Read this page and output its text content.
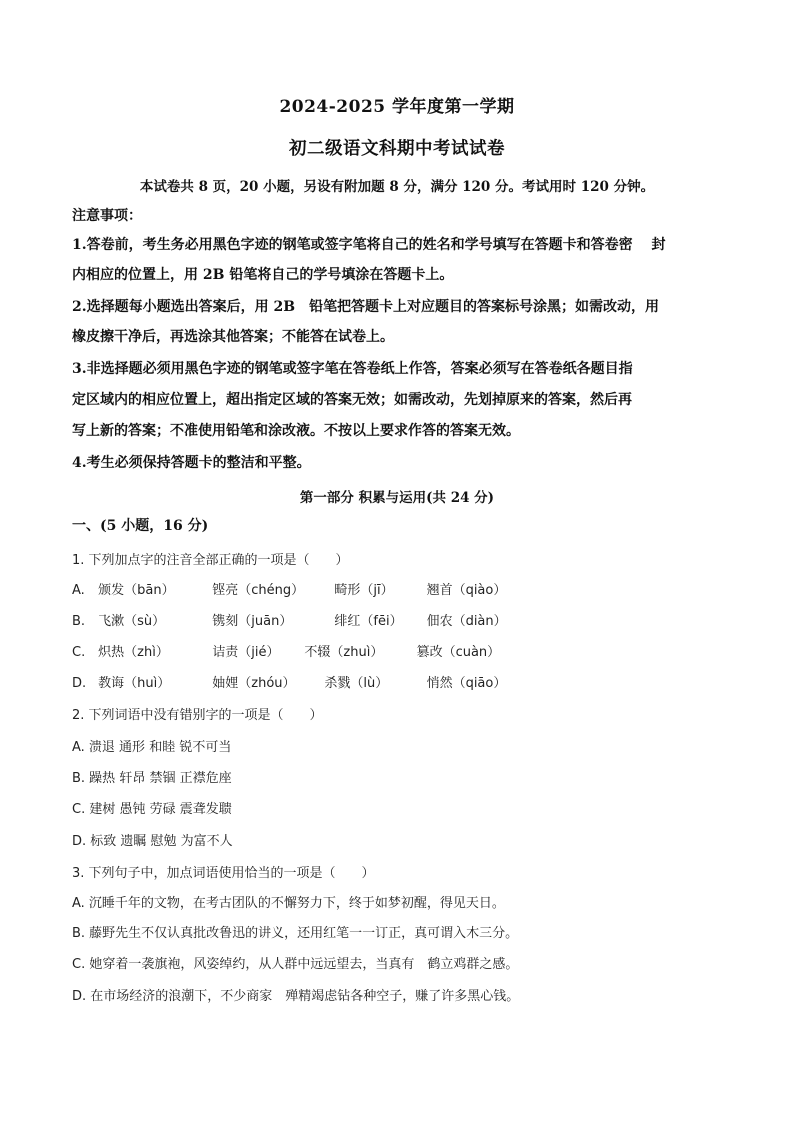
2024-2025 学年度第一学期
初二级语文科期中考试试卷
本试卷共 8 页，20 小题，另设有附加题 8 分，满分 120 分。考试用时 120 分钟。
注意事项：
1.答卷前，考生务必用黑色字迹的钢笔或签字笔将自己的姓名和学号填写在答题卡和答卷密　 封
内相应的位置上，用 2B 铅笔将自己的学号填涂在答题卡上。
2.选择题每小题选出答案后，用 2B　铅笔把答题卡上对应题目的答案标号涂黑；如需改动，用
橡皮擦干净后，再选涂其他答案；不能答在试卷上。
3.非选择题必须用黑色字迹的钢笔或签字笔在答卷纸上作答，答案必须写在答卷纸各题目指
定区域内的相应位置上，超出指定区域的答案无效；如需改动，先划掉原来的答案，然后再
写上新的答案；不准使用铅笔和涂改液。不按以上要求作答的答案无效。
4.考生必须保持答题卡的整洁和平整。
第一部分 积累与运用(共 24 分)
一、(5 小题，16 分)
1. 下列加点字的注音全部正确的一项是（　　）
A. 颁发（bān）	铿亮（chéng） 畸形（jī）	翘首（qiào）
B. 飞漱（sù）	镌刻（juān）	绯红（fēi） 佃农（diàn）
C. 炽热（zhì）	诘责（jié） 不辍（zhuì）	篡改（cuàn）
D. 教诲（huì）	妯娌（zhóu） 杀戮（lù）	悄然（qiāo）
2. 下列词语中没有错别字的一项是（　　）
A. 溃退 通形 和睦 锐不可当
B. 躁热 轩昂 禁锢 正襟危座
C. 建树 愚钝 劳碌 震聋发聩
D. 标致 遗瞩 慰勉 为富不人
3. 下列句子中，加点词语使用恰当的一项是（　　）
A. 沉睡千年的文物，在考古团队的不懈努力下，终于如梦初醒，得见天日。
B. 藤野先生不仅认真批改鲁迅的讲义，还用红笔一一订正，真可谓入木三分。
C. 她穿着一袭旗袍，风姿绰约，从人群中远远望去，当真有　鹤立鸡群之感。
D. 在市场经济的浪潮下，不少商家　殚精竭虑钻各种空子，赚了许多黑心钱。
